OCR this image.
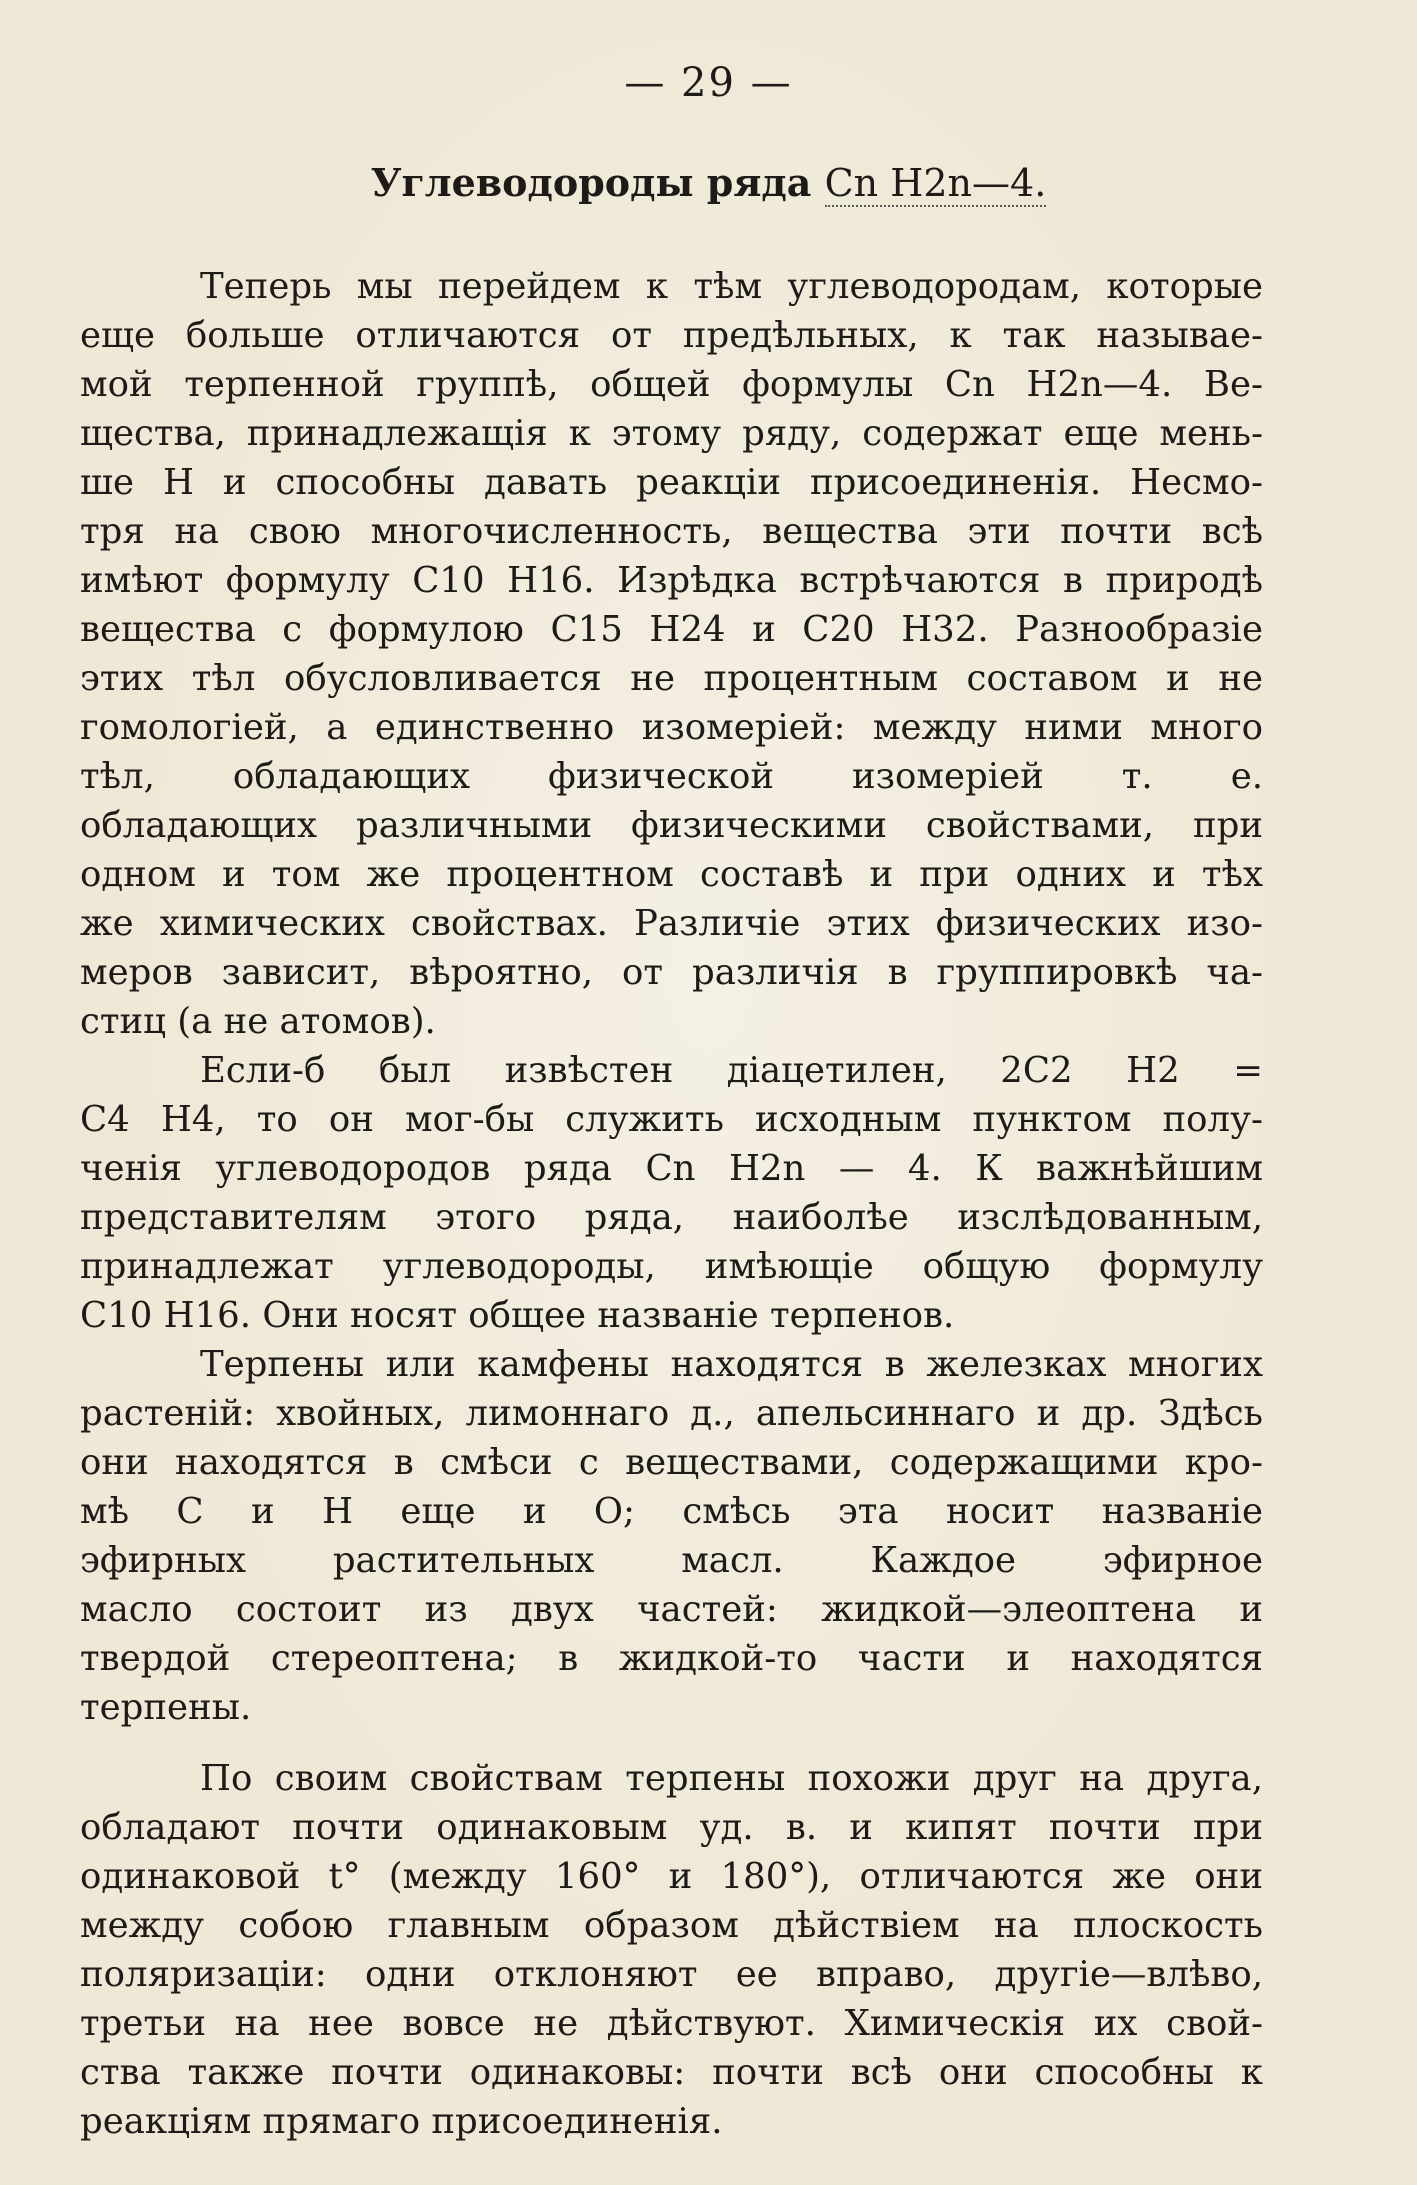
— 29 —
Углеводороды ряда Cn H2n—4.
Теперь мы перейдем к тѣм углеводородам, которые
еще больше отличаются от предѣльных, к так называе-
мой терпенной группѣ, общей формулы Cn H2n—4. Ве-
щества, принадлежащія к этому ряду, содержат еще мень-
ше H и способны давать реакціи присоединенія. Несмо-
тря на свою многочисленность, вещества эти почти всѣ
имѣют формулу C10 H16. Изрѣдка встрѣчаются в природѣ
вещества с формулою C15 H24 и C20 H32. Разнообразіе
этих тѣл обусловливается не процентным составом и не
гомологіей, а единственно изомеріей: между ними много
тѣл, обладающих физической изомеріей т. е.
обладающих различными физическими свойствами, при
одном и том же процентном составѣ и при одних и тѣх
же химических свойствах. Различіе этих физических изо-
меров зависит, вѣроятно, от различія в группировкѣ ча-
стиц (а не атомов).
Если-б был извѣстен діацетилен, 2C2 H2 =
C4 H4, то он мог-бы служить исходным пунктом полу-
ченія углеводородов ряда Cn H2n — 4. К важнѣйшим
представителям этого ряда, наиболѣе изслѣдованным,
принадлежат углеводороды, имѣющіе общую формулу
C10 H16. Они носят общее названіе терпенов.
Терпены или камфены находятся в железках многих
растеній: хвойных, лимоннаго д., апельсиннаго и др. Здѣсь
они находятся в смѣси с веществами, содержащими кро-
мѣ C и H еще и O; смѣсь эта носит названіе
эфирных растительных масл. Каждое эфирное
масло состоит из двух частей: жидкой—элеоптена и
твердой стереоптена; в жидкой-то части и находятся
терпены.
По своим свойствам терпены похожи друг на друга,
обладают почти одинаковым уд. в. и кипят почти при
одинаковой t° (между 160° и 180°), отличаются же они
между собою главным образом дѣйствіем на плоскость
поляризаціи: одни отклоняют ее вправо, другіе—влѣво,
третьи на нее вовсе не дѣйствуют. Химическія их свой-
ства также почти одинаковы: почти всѣ они способны к
реакціям прямаго присоединенія.
